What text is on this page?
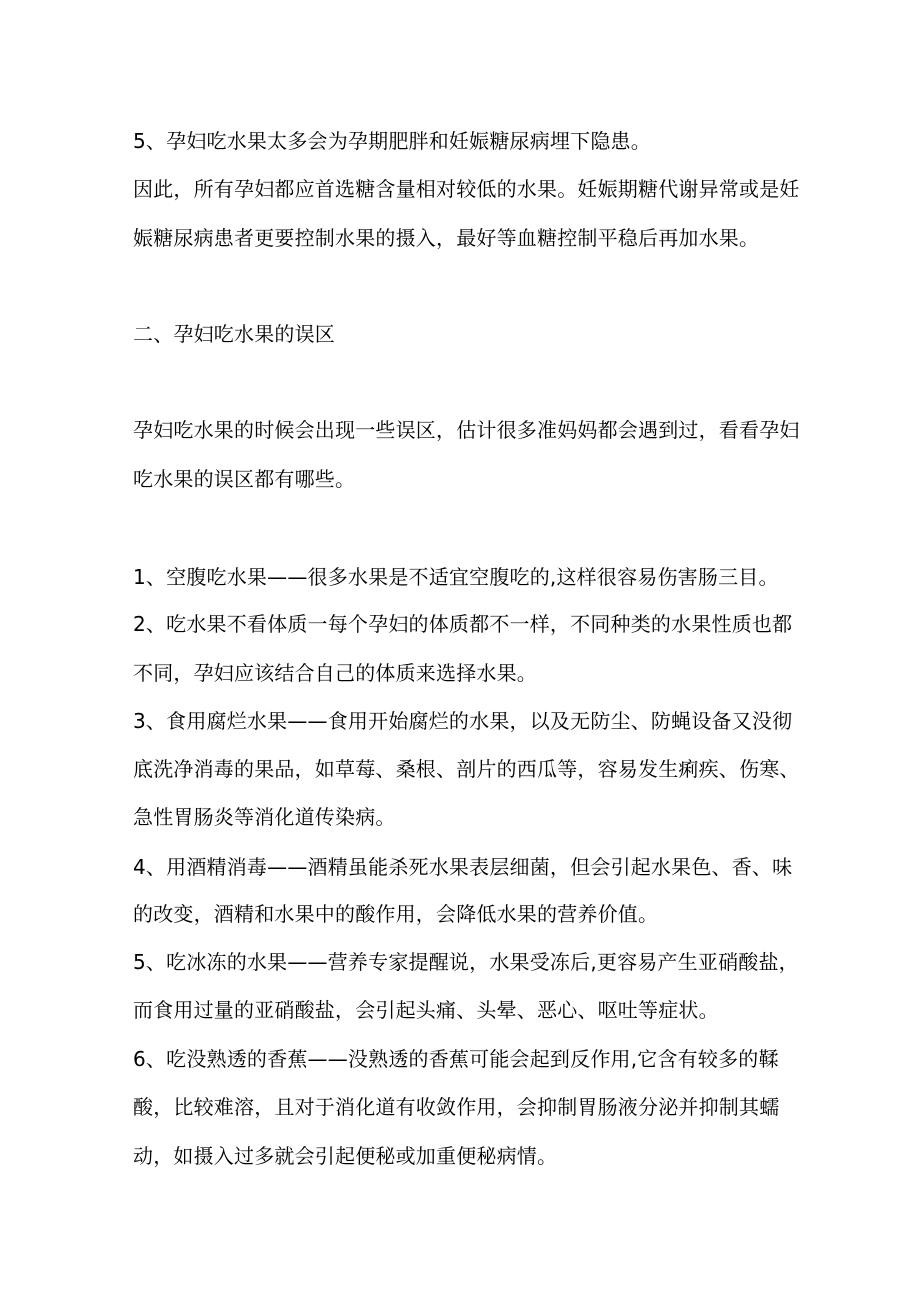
5、孕妇吃水果太多会为孕期肥胖和妊娠糖尿病埋下隐患。

因此，所有孕妇都应首选糖含量相对较低的水果。妊娠期糖代谢异常或是妊

娠糖尿病患者更要控制水果的摄入，最好等血糖控制平稳后再加水果。

二、孕妇吃水果的误区

孕妇吃水果的时候会出现一些误区，估计很多准妈妈都会遇到过，看看孕妇

吃水果的误区都有哪些。

1、空腹吃水果——很多水果是不适宜空腹吃的,这样很容易伤害肠三目。

2、吃水果不看体质一每个孕妇的体质都不一样，不同种类的水果性质也都

不同，孕妇应该结合自己的体质来选择水果。

3、食用腐烂水果——食用开始腐烂的水果，以及无防尘、防蝇设备又没彻

底洗净消毒的果品，如草莓、桑根、剖片的西瓜等，容易发生痢疾、伤寒、

急性胃肠炎等消化道传染病。

4、用酒精消毒——酒精虽能杀死水果表层细菌，但会引起水果色、香、味

的改变，酒精和水果中的酸作用，会降低水果的营养价值。

5、吃冰冻的水果——营养专家提醒说，水果受冻后,更容易产生亚硝酸盐，

而食用过量的亚硝酸盐，会引起头痛、头晕、恶心、呕吐等症状。

6、吃没熟透的香蕉——没熟透的香蕉可能会起到反作用,它含有较多的鞣

酸，比较难溶，且对于消化道有收敛作用，会抑制胃肠液分泌并抑制其蠕

动，如摄入过多就会引起便秘或加重便秘病情。
